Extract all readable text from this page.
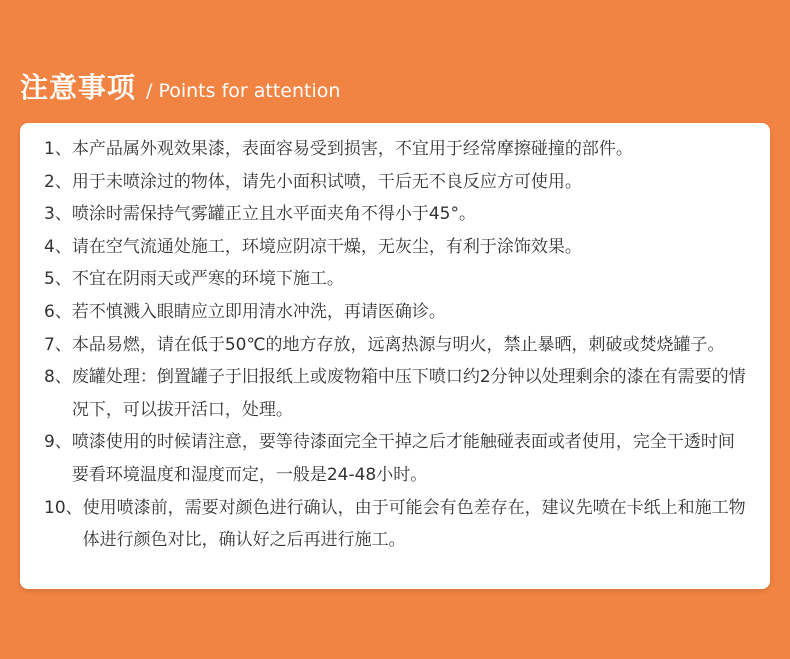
注意事项 / Points for attention
1、 本产品属外观效果漆，表面容易受到损害，不宜用于经常摩擦碰撞的部件。
2、 用于未喷涂过的物体，请先小面积试喷，干后无不良反应方可使用。
3、 喷涂时需保持气雾罐正立且水平面夹角不得小于45°。
4、 请在空气流通处施工，环境应阴凉干燥，无灰尘，有利于涂饰效果。
5、 不宜在阴雨天或严寒的环境下施工。
6、 若不慎溅入眼睛应立即用清水冲洗，再请医确诊。
7、 本品易燃，请在低于50℃的地方存放，远离热源与明火，禁止暴晒，刺破或焚烧罐子。
8、 废罐处理：倒置罐子于旧报纸上或废物箱中压下喷口约2分钟以处理剩余的漆在有需要的情况下，可以拔开活口，处理。
9、 喷漆使用的时候请注意，要等待漆面完全干掉之后才能触碰表面或者使用，完全干透时间要看环境温度和湿度而定，一般是24-48小时。
10、 使用喷漆前，需要对颜色进行确认，由于可能会有色差存在，建议先喷在卡纸上和施工物体进行颜色对比，确认好之后再进行施工。
